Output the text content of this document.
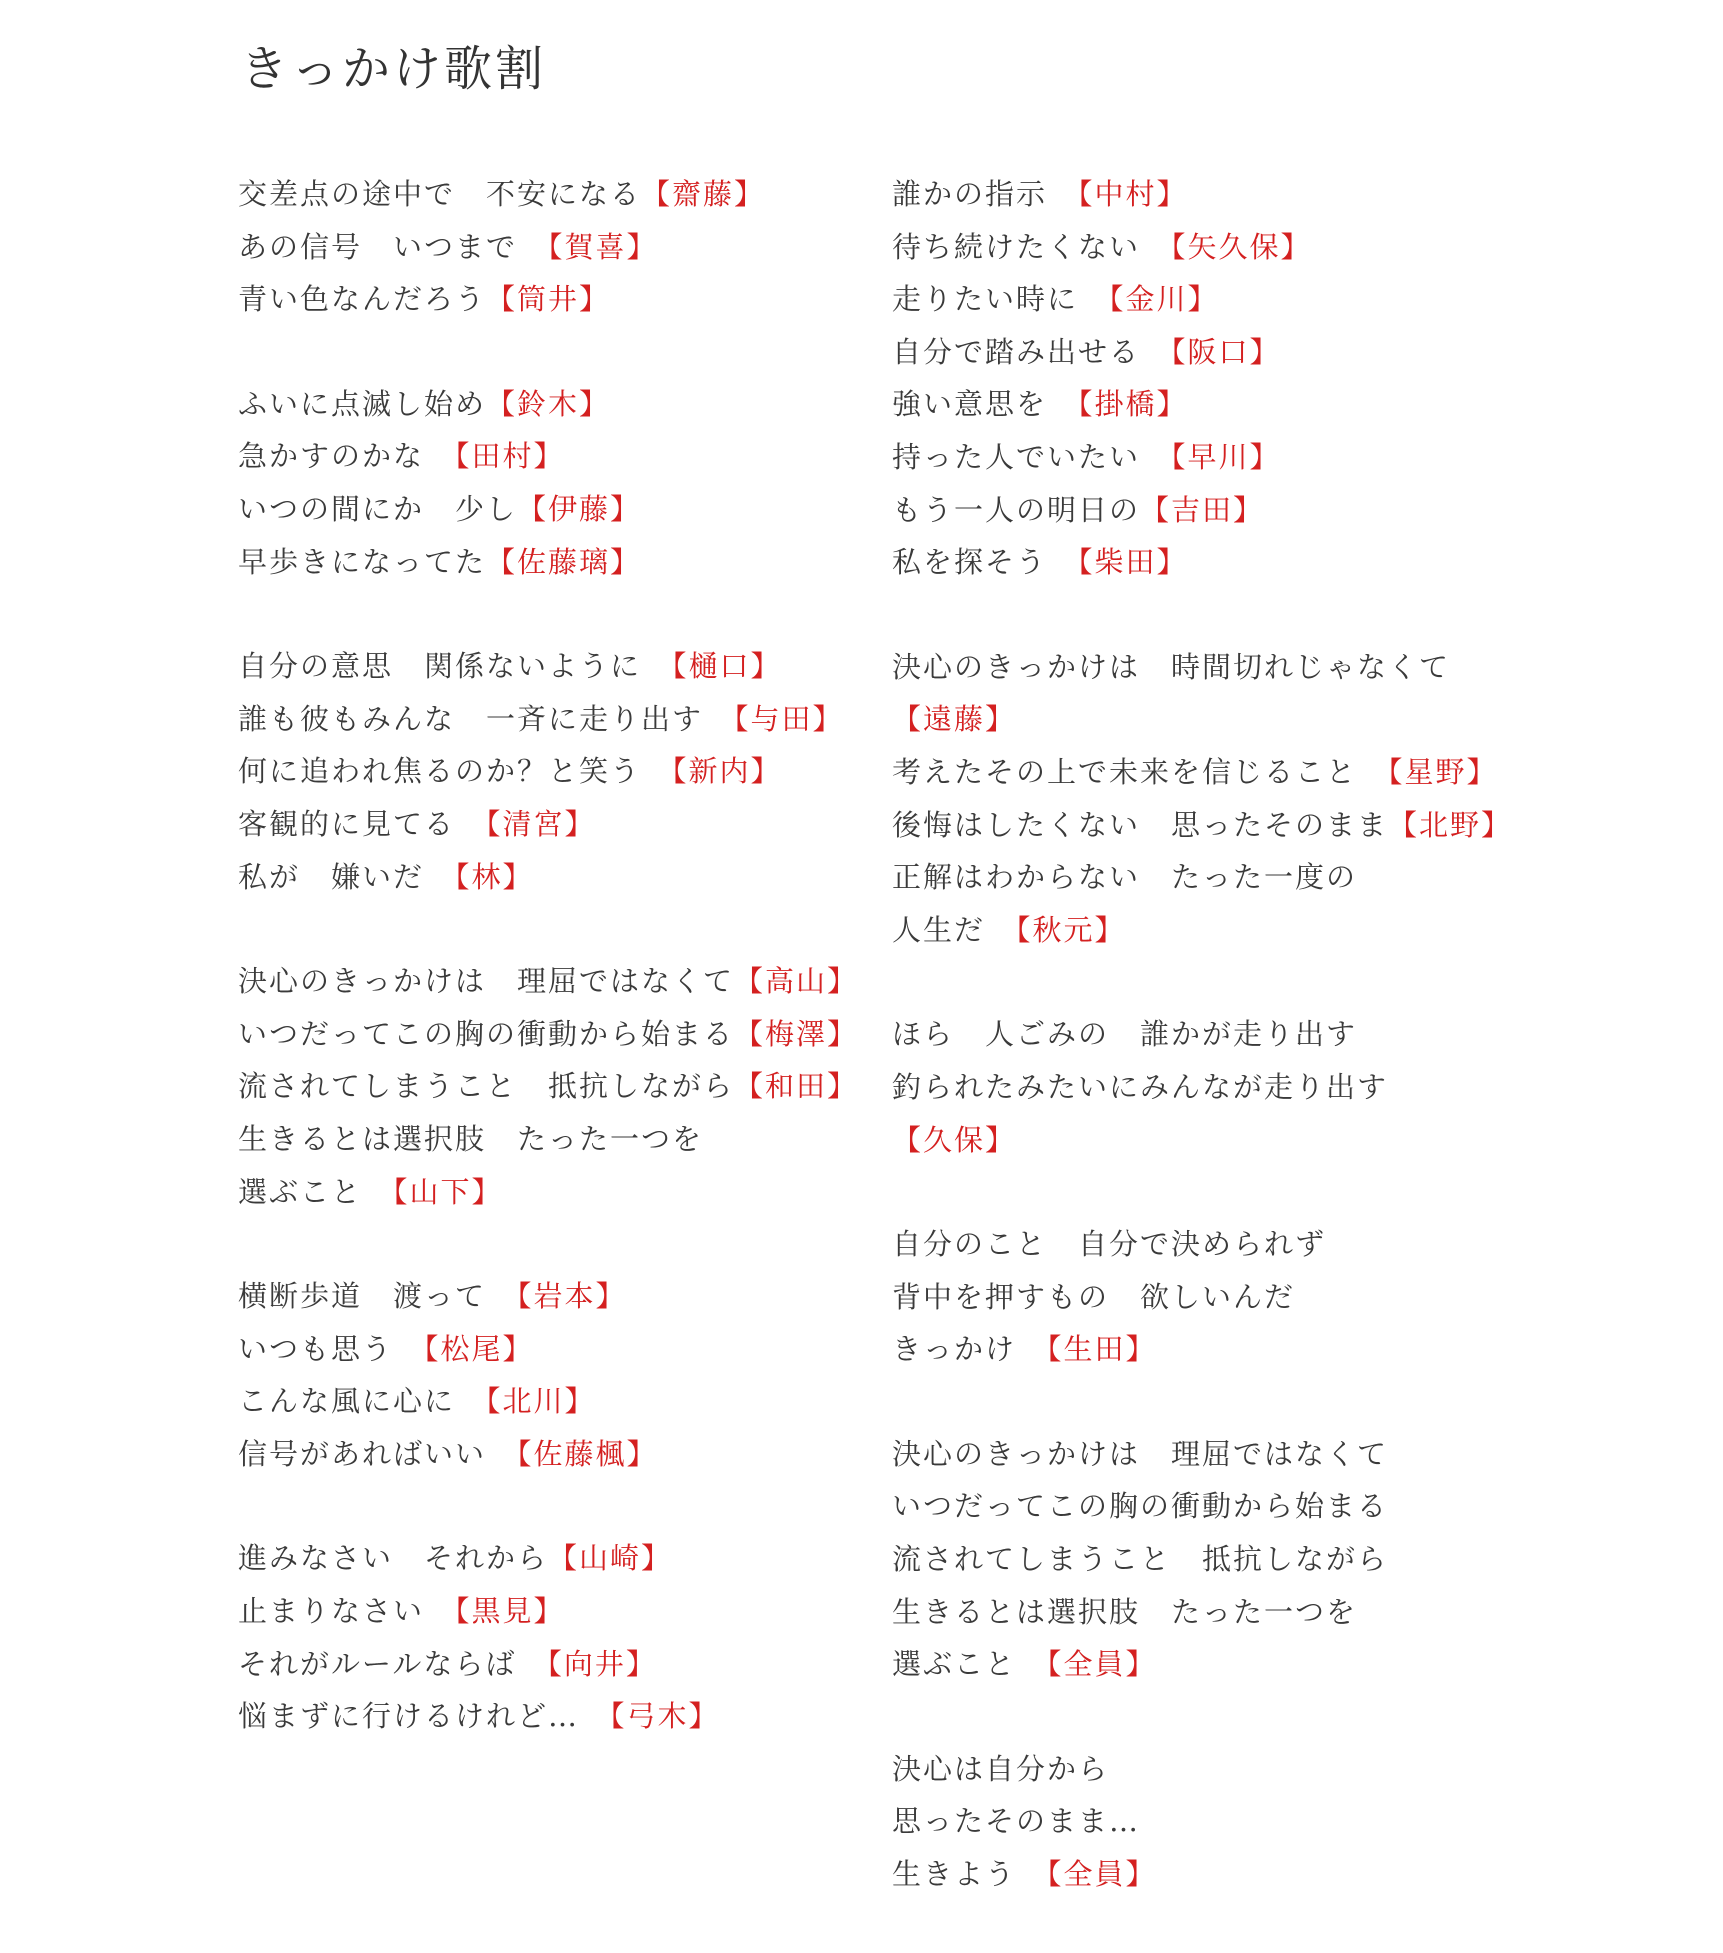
きっかけ歌割
交差点の途中で　不安になる【齋藤】
あの信号　いつまで　【賀喜】
青い色なんだろう【筒井】
ふいに点滅し始め【鈴木】
急かすのかな　【田村】
いつの間にか　少し【伊藤】
早歩きになってた【佐藤璃】
自分の意思　関係ないように　【樋口】
誰も彼もみんな　一斉に走り出す　【与田】
何に追われ焦るのか？と笑う　【新内】
客観的に見てる　【清宮】
私が　嫌いだ　【林】
決心のきっかけは　理屈ではなくて【高山】
いつだってこの胸の衝動から始まる【梅澤】
流されてしまうこと　抵抗しながら【和田】
生きるとは選択肢　たった一つを
選ぶこと　【山下】
横断歩道　渡って　【岩本】
いつも思う　【松尾】
こんな風に心に　【北川】
信号があればいい　【佐藤楓】
進みなさい　それから【山崎】
止まりなさい　【黒見】
それがルールならば　【向井】
悩まずに行けるけれど…　【弓木】
誰かの指示　【中村】
待ち続けたくない　【矢久保】
走りたい時に　【金川】
自分で踏み出せる　【阪口】
強い意思を　【掛橋】
持った人でいたい　【早川】
もう一人の明日の【吉田】
私を探そう　【柴田】
決心のきっかけは　時間切れじゃなくて
【遠藤】
考えたその上で未来を信じること　【星野】
後悔はしたくない　思ったそのまま【北野】
正解はわからない　たった一度の
人生だ　【秋元】
ほら　人ごみの　誰かが走り出す
釣られたみたいにみんなが走り出す
【久保】
自分のこと　自分で決められず
背中を押すもの　欲しいんだ
きっかけ　【生田】
決心のきっかけは　理屈ではなくて
いつだってこの胸の衝動から始まる
流されてしまうこと　抵抗しながら
生きるとは選択肢　たった一つを
選ぶこと　【全員】
決心は自分から
思ったそのまま…
生きよう　【全員】
